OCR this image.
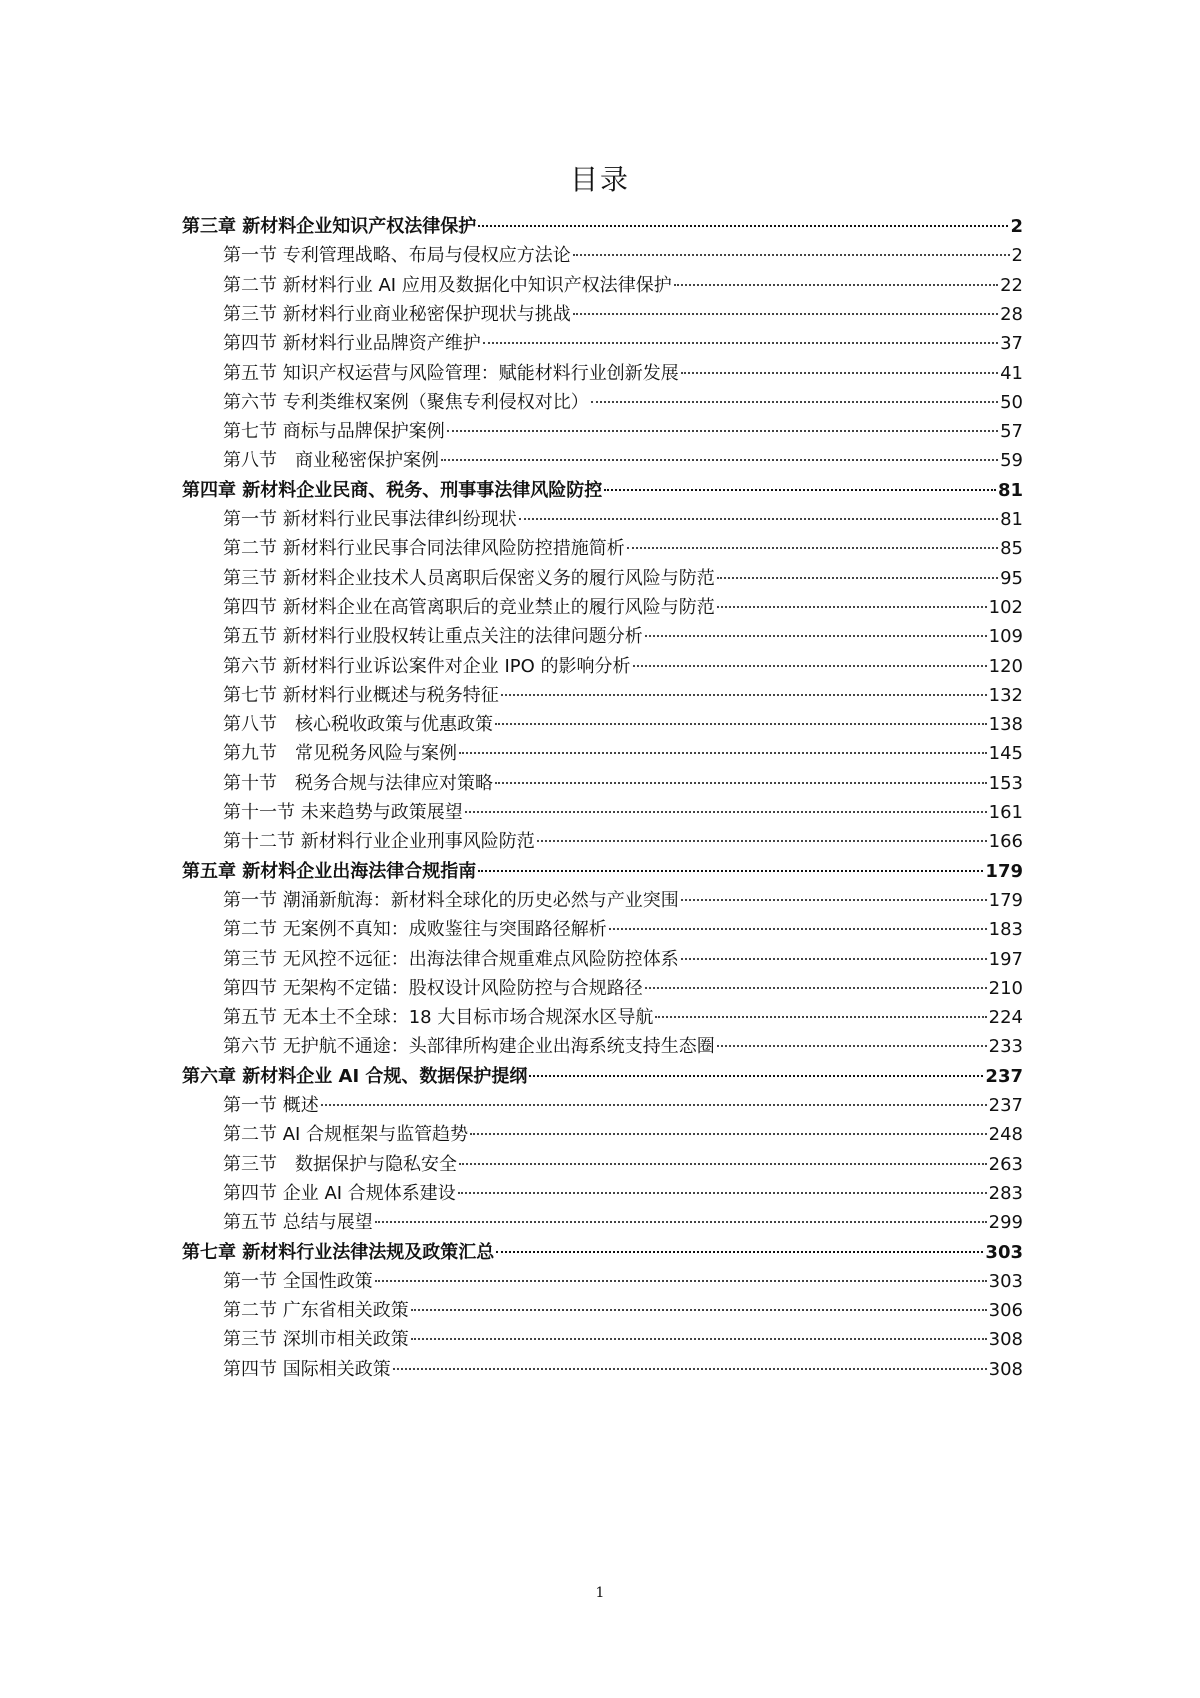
目录
第三章 新材料企业知识产权法律保护	2
第一节 专利管理战略、布局与侵权应方法论	2
第二节 新材料行业 AI 应用及数据化中知识产权法律保护	22
第三节 新材料行业商业秘密保护现状与挑战	28
第四节 新材料行业品牌资产维护	37
第五节 知识产权运营与风险管理：赋能材料行业创新发展	41
第六节 专利类维权案例（聚焦专利侵权对比）	50
第七节 商标与品牌保护案例	57
第八节　商业秘密保护案例	59
第四章 新材料企业民商、税务、刑事事法律风险防控	81
第一节 新材料行业民事法律纠纷现状	81
第二节 新材料行业民事合同法律风险防控措施简析	85
第三节 新材料企业技术人员离职后保密义务的履行风险与防范	95
第四节 新材料企业在高管离职后的竞业禁止的履行风险与防范	102
第五节 新材料行业股权转让重点关注的法律问题分析	109
第六节 新材料行业诉讼案件对企业 IPO 的影响分析	120
第七节 新材料行业概述与税务特征	132
第八节　核心税收政策与优惠政策	138
第九节　常见税务风险与案例	145
第十节　税务合规与法律应对策略	153
第十一节 未来趋势与政策展望	161
第十二节 新材料行业企业刑事风险防范	166
第五章 新材料企业出海法律合规指南	179
第一节 潮涌新航海：新材料全球化的历史必然与产业突围	179
第二节 无案例不真知：成败鉴往与突围路径解析	183
第三节 无风控不远征：出海法律合规重难点风险防控体系	197
第四节 无架构不定锚：股权设计风险防控与合规路径	210
第五节 无本土不全球：18 大目标市场合规深水区导航	224
第六节 无护航不通途：头部律所构建企业出海系统支持生态圈	233
第六章 新材料企业 AI 合规、数据保护提纲	237
第一节 概述	237
第二节 AI 合规框架与监管趋势	248
第三节　数据保护与隐私安全	263
第四节 企业 AI 合规体系建设	283
第五节 总结与展望	299
第七章 新材料行业法律法规及政策汇总	303
第一节 全国性政策	303
第二节 广东省相关政策	306
第三节 深圳市相关政策	308
第四节 国际相关政策	308
1
